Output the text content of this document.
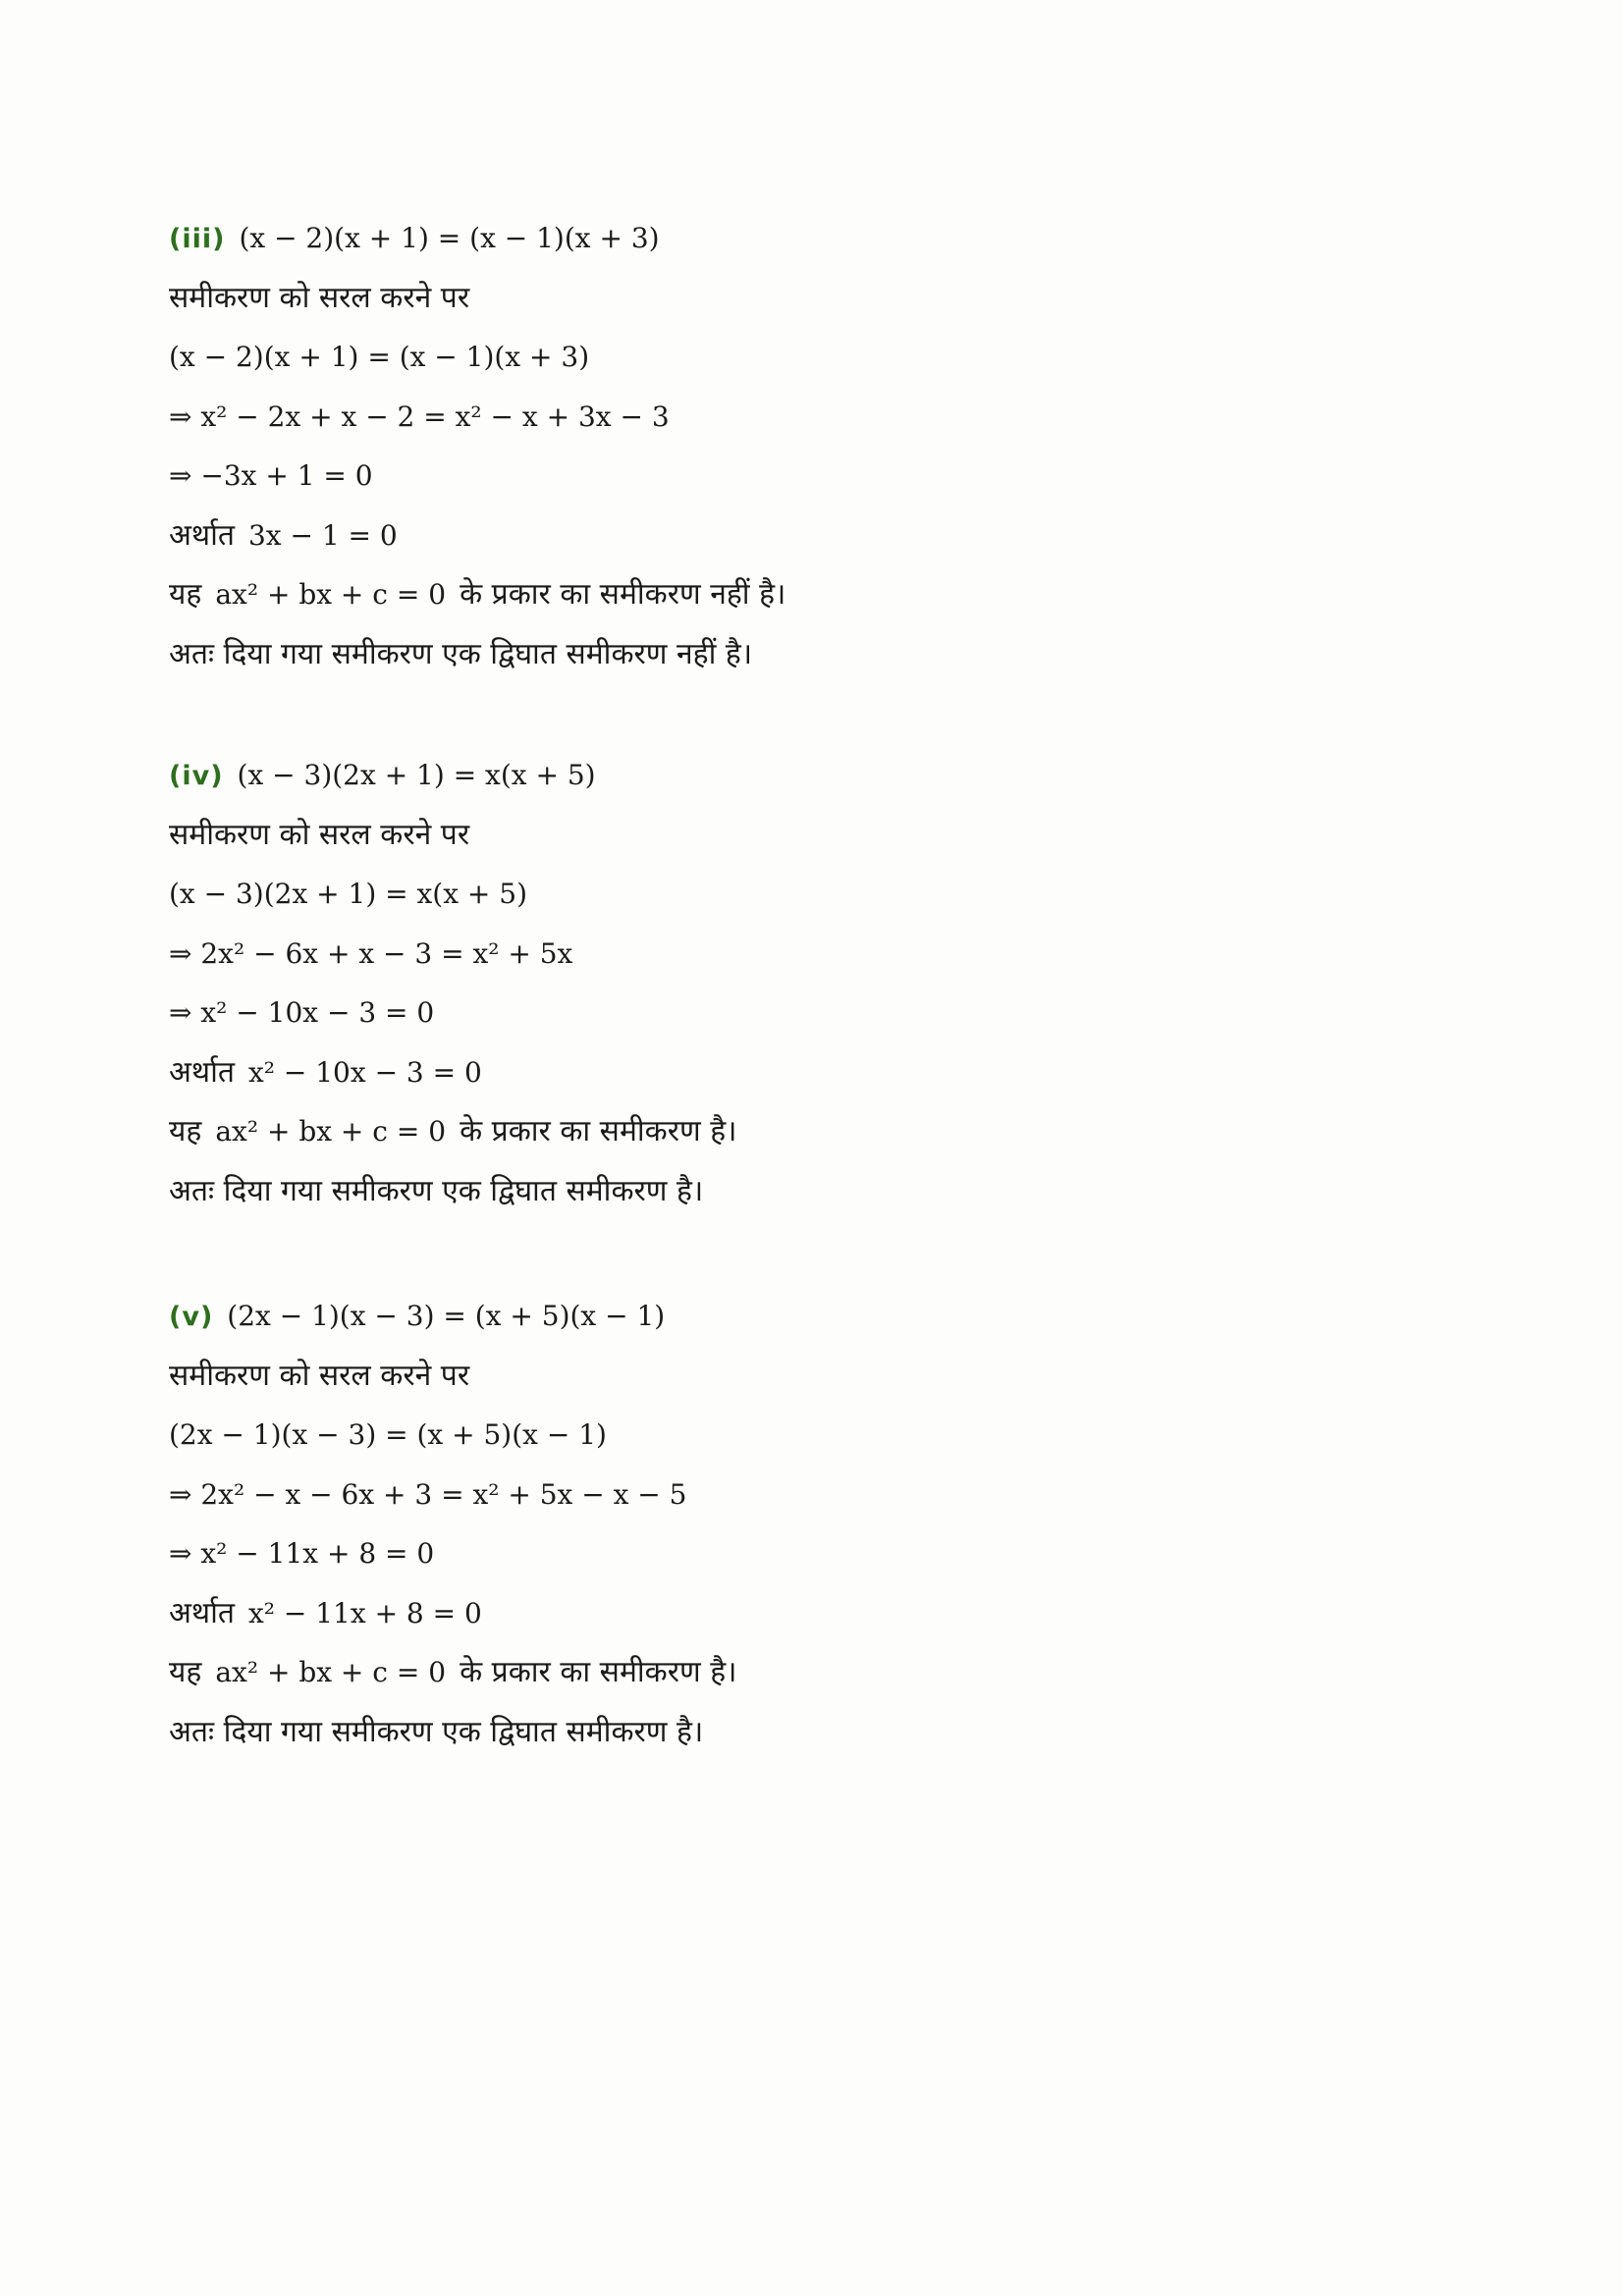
(iii) (x − 2)(x + 1) = (x − 1)(x + 3)
समीकरण को सरल करने पर
(x − 2)(x + 1) = (x − 1)(x + 3)
⇒ x² − 2x + x − 2 = x² − x + 3x − 3
⇒ −3x + 1 = 0
अर्थात 3x − 1 = 0
यह ax² + bx + c = 0 के प्रकार का समीकरण नहीं है।
अतः दिया गया समीकरण एक द्विघात समीकरण नहीं है।
(iv) (x − 3)(2x + 1) = x(x + 5)
समीकरण को सरल करने पर
(x − 3)(2x + 1) = x(x + 5)
⇒ 2x² − 6x + x − 3 = x² + 5x
⇒ x² − 10x − 3 = 0
अर्थात x² − 10x − 3 = 0
यह ax² + bx + c = 0 के प्रकार का समीकरण है।
अतः दिया गया समीकरण एक द्विघात समीकरण है।
(v) (2x − 1)(x − 3) = (x + 5)(x − 1)
समीकरण को सरल करने पर
(2x − 1)(x − 3) = (x + 5)(x − 1)
⇒ 2x² − x − 6x + 3 = x² + 5x − x − 5
⇒ x² − 11x + 8 = 0
अर्थात x² − 11x + 8 = 0
यह ax² + bx + c = 0 के प्रकार का समीकरण है।
अतः दिया गया समीकरण एक द्विघात समीकरण है।
